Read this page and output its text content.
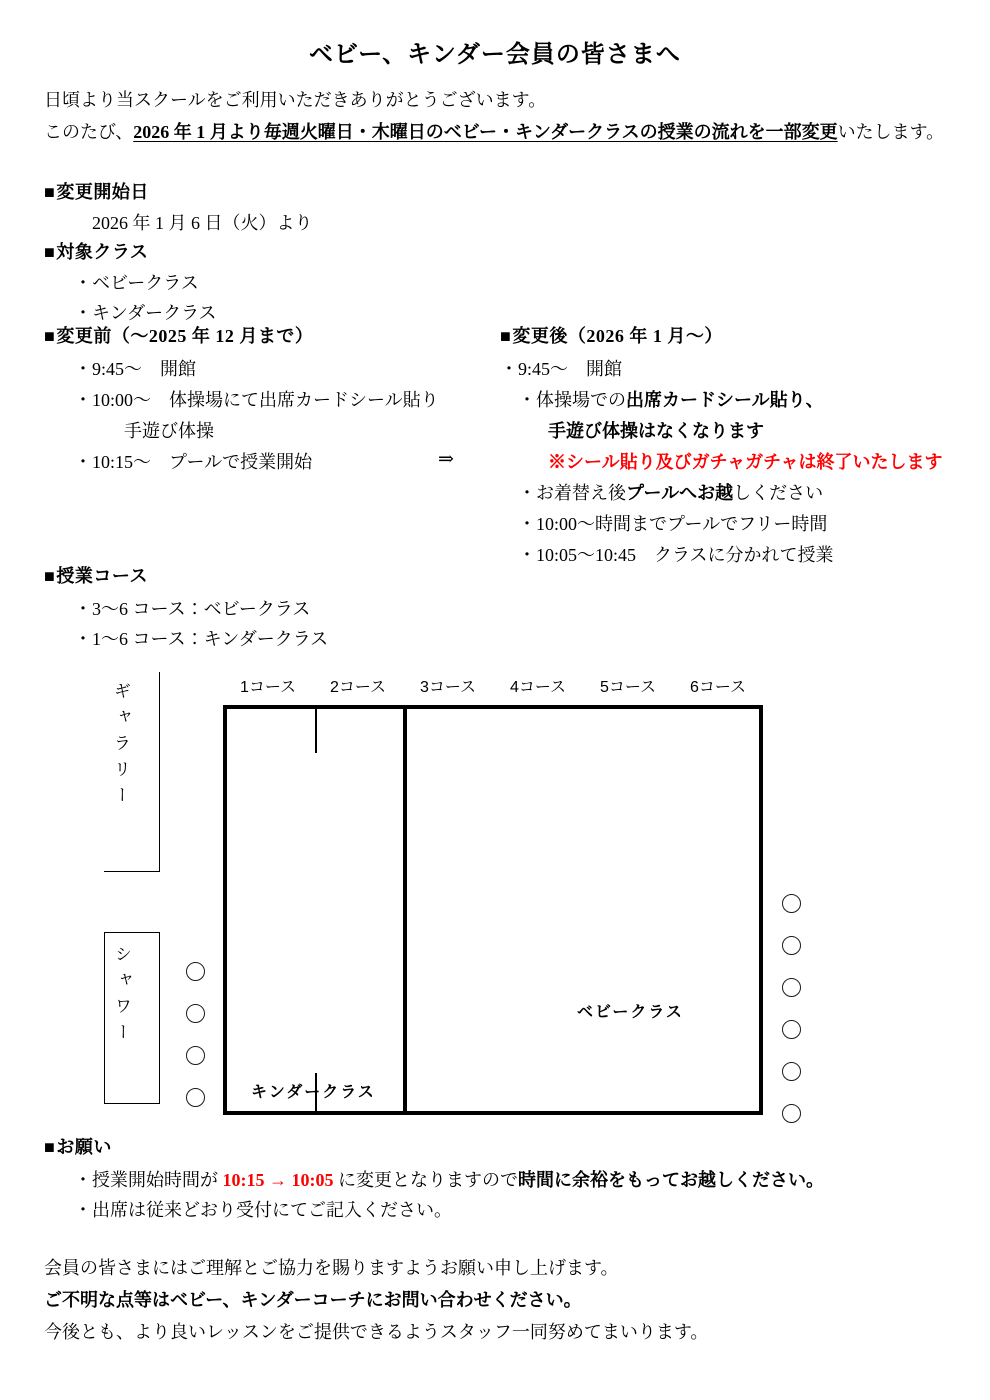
ベビー、キンダー会員の皆さまへ
日頃より当スクールをご利用いただきありがとうございます。
このたび、2026 年 1 月より毎週火曜日・木曜日のベビー・キンダークラスの授業の流れを一部変更いたします。
■ 変更開始日
2026 年 1 月 6 日（火）より
■ 対象クラス
・ ベビークラス
・ キンダークラス
■ 変更前（～2025 年 12 月まで）
・ 9:45～　開館
・ 10:00～　体操場にて出席カードシール貼り
手遊び体操
・ 10:15～　プールで授業開始	⇒
■ 変更後（2026 年 1 月～）
・ 9:45～　開館
・体操場での出席カードシール貼り、
手遊び体操はなくなります
※シール貼り及びガチャガチャは終了いたします
・お着替え後プールへお越しください
・ 10:00～時間までプールでフリー時間
・ 10:05～10:45　クラスに分かれて授業
■ 授業コース
・ 3～6 コース：ベビークラス
・ 1～6 コース：キンダークラス
1コース	2コース	3コース	4コース	5コース	6コース
ギャラリー
シャワー
キンダークラス
ベビークラス
■ お願い
・授業開始時間が 10:15 → 10:05 に変更となりますので時間に余裕をもってお越しください。
・ 出席は従来どおり受付にてご記入ください。
会員の皆さまにはご理解とご協力を賜りますようお願い申し上げます。
ご不明な点等はベビー、キンダーコーチにお問い合わせください。
今後とも、より良いレッスンをご提供できるようスタッフ一同努めてまいります。
